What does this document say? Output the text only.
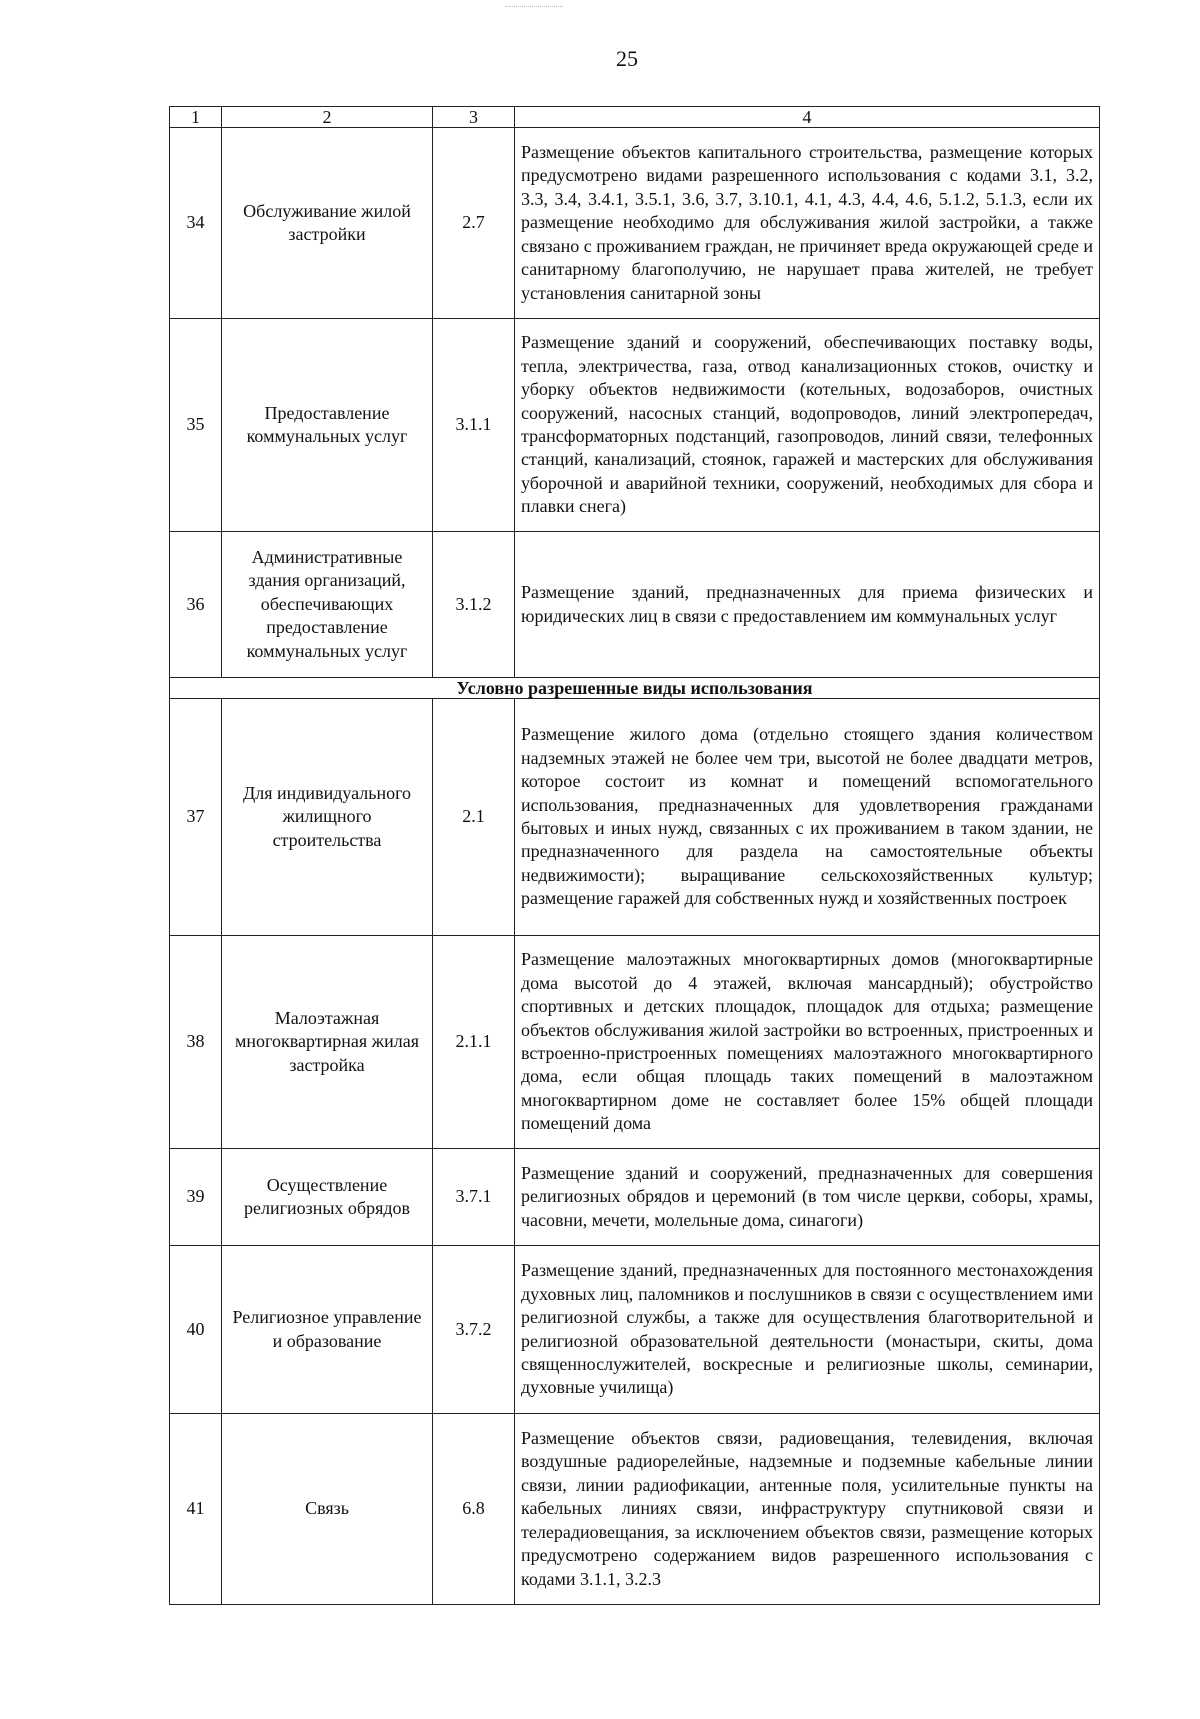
25
1	2	3	4
34	Обслуживание жилой застройки	2.7	Размещение объектов капитального строительства, размещение которых предусмотрено видами разрешенного использования с кодами 3.1, 3.2, 3.3, 3.4, 3.4.1, 3.5.1, 3.6, 3.7, 3.10.1, 4.1, 4.3, 4.4, 4.6, 5.1.2, 5.1.3, если их размещение необходимо для обслуживания жилой застройки, а также связано с проживанием граждан, не причиняет вреда окружающей среде и санитарному благополучию, не нарушает права жителей, не требует установления санитарной зоны
35	Предоставление коммунальных услуг	3.1.1	Размещение зданий и сооружений, обеспечивающих поставку воды, тепла, электричества, газа, отвод канализационных стоков, очистку и уборку объектов недвижимости (котельных, водозаборов, очистных сооружений, насосных станций, водопроводов, линий электропередач, трансформаторных подстанций, газопроводов, линий связи, телефонных станций, канализаций, стоянок, гаражей и мастерских для обслуживания уборочной и аварийной техники, сооружений, необходимых для сбора и плавки снега)
36	Административные здания организаций, обеспечивающих предоставление коммунальных услуг	3.1.2	Размещение зданий, предназначенных для приема физических и юридических лиц в связи с предоставлением им коммунальных услуг
Условно разрешенные виды использования			
37	Для индивидуального жилищного строительства	2.1	Размещение жилого дома (отдельно стоящего здания количеством надземных этажей не более чем три, высотой не более двадцати метров, которое состоит из комнат и помещений вспомогательного использования, предназначенных для удовлетворения гражданами бытовых и иных нужд, связанных с их проживанием в таком здании, не предназначенного для раздела на самостоятельные объекты недвижимости); выращивание сельскохозяйственных культур; размещение гаражей для собственных нужд и хозяйственных построек
38	Малоэтажная многоквартирная жилая застройка	2.1.1	Размещение малоэтажных многоквартирных домов (многоквартирные дома высотой до 4 этажей, включая мансардный); обустройство спортивных и детских площадок, площадок для отдыха; размещение объектов обслуживания жилой застройки во встроенных, пристроенных и встроенно-пристроенных помещениях малоэтажного многоквартирного дома, если общая площадь таких помещений в малоэтажном многоквартирном доме не составляет более 15% общей площади помещений дома
39	Осуществление религиозных обрядов	3.7.1	Размещение зданий и сооружений, предназначенных для совершения религиозных обрядов и церемоний (в том числе церкви, соборы, храмы, часовни, мечети, молельные дома, синагоги)
40	Религиозное управление и образование	3.7.2	Размещение зданий, предназначенных для постоянного местонахождения духовных лиц, паломников и послушников в связи с осуществлением ими религиозной службы, а также для осуществления благотворительной и религиозной образовательной деятельности (монастыри, скиты, дома священнослужителей, воскресные и религиозные школы, семинарии, духовные училища)
41	Связь	6.8	Размещение объектов связи, радиовещания, телевидения, включая воздушные радиорелейные, надземные и подземные кабельные линии связи, линии радиофикации, антенные поля, усилительные пункты на кабельных линиях связи, инфраструктуру спутниковой связи и телерадиовещания, за исключением объектов связи, размещение которых предусмотрено содержанием видов разрешенного использования с кодами 3.1.1, 3.2.3
